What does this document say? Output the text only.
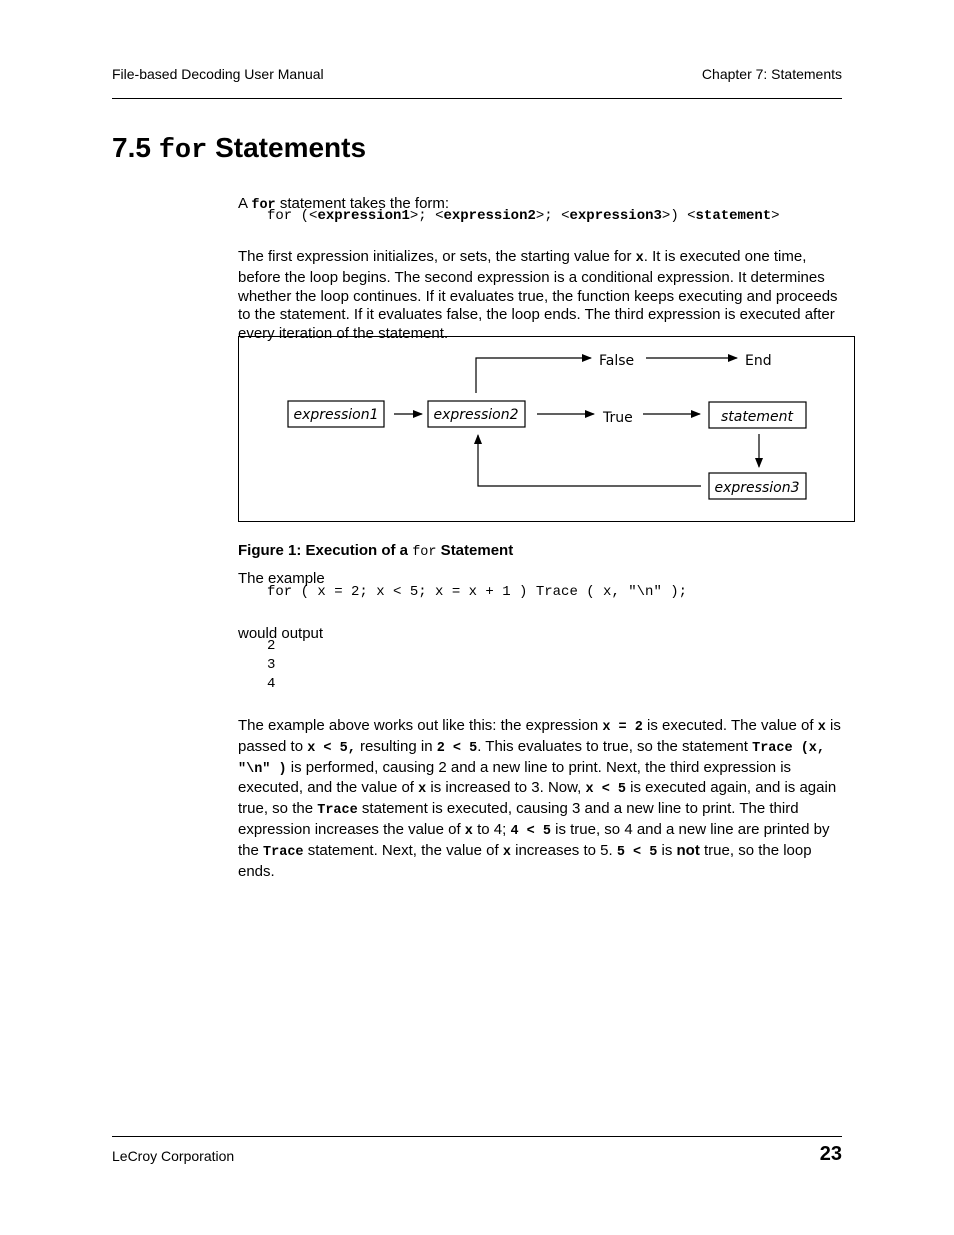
File-based Decoding User Manual	Chapter 7: Statements
7.5 for Statements

A for statement takes the form:

for (<expression1>; <expression2>; <expression3>) <statement>

The first expression initializes, or sets, the starting value for x. It is executed one time, before the loop begins. The second expression is a conditional expression. It determines whether the loop continues. If it evaluates true, the function keeps executing and proceeds to the statement. If it evaluates false, the loop ends. The third expression is executed after every iteration of the statement.

expression1	expression2	statement
expression3
False	End
True

Figure 1: Execution of a for Statement

The example

for ( x = 2; x < 5; x = x + 1 ) Trace ( x, "\n" );

would output

2
3
4

The example above works out like this: the expression x = 2 is executed. The value of x is passed to x < 5, resulting in 2 < 5. This evaluates to true, so the statement Trace (x, "\n" ) is performed, causing 2 and a new line to print. Next, the third expression is executed, and the value of x is increased to 3. Now, x < 5 is executed again, and is again true, so the Trace statement is executed, causing 3 and a new line to print. The third expression increases the value of x to 4; 4 < 5 is true, so 4 and a new line are printed by the Trace statement. Next, the value of x increases to 5. 5 < 5 is not true, so the loop ends.

LeCroy Corporation	23
